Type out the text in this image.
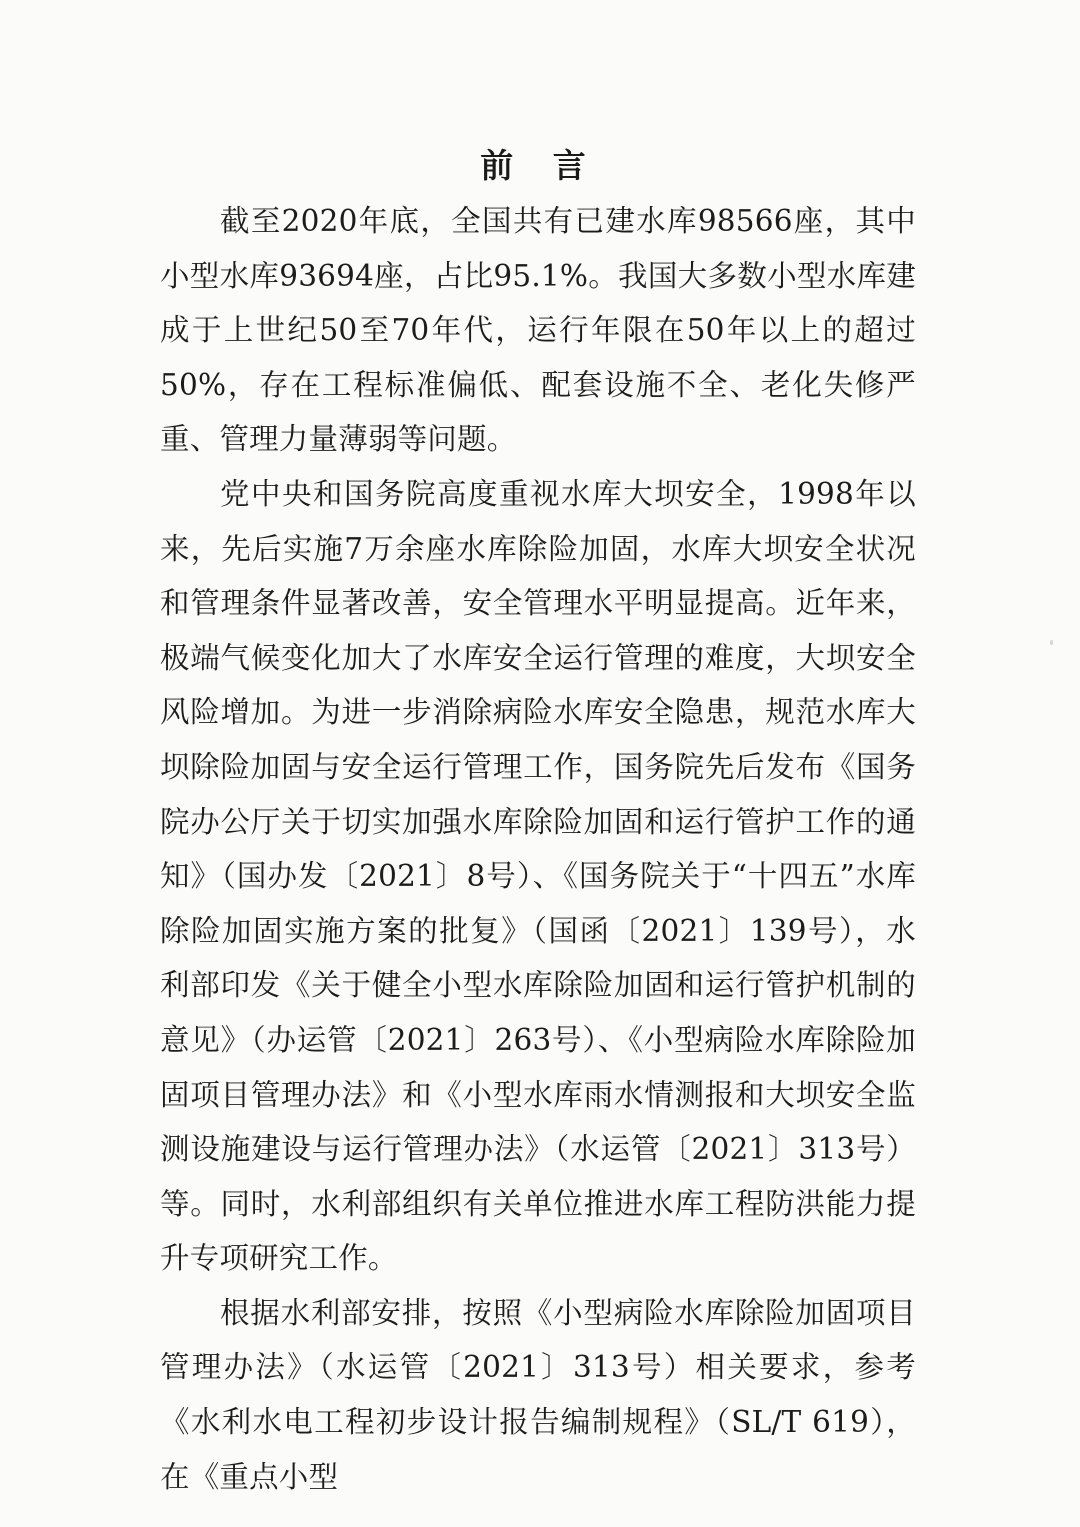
前 言

截至2020年底，全国共有已建水库98566座，其中小型水库93694座，占比95.1%。我国大多数小型水库建成于上世纪50至70年代，运行年限在50年以上的超过50%，存在工程标准偏低、配套设施不全、老化失修严重、管理力量薄弱等问题。

党中央和国务院高度重视水库大坝安全，1998年以来，先后实施7万余座水库除险加固，水库大坝安全状况和管理条件显著改善，安全管理水平明显提高。近年来，极端气候变化加大了水库安全运行管理的难度，大坝安全风险增加。为进一步消除病险水库安全隐患，规范水库大坝除险加固与安全运行管理工作，国务院先后发布《国务院办公厅关于切实加强水库除险加固和运行管护工作的通知》（国办发〔2021〕8号）、《国务院关于“十四五”水库除险加固实施方案的批复》（国函〔2021〕139号），水利部印发《关于健全小型水库除险加固和运行管护机制的意见》（办运管〔2021〕263号）、《小型病险水库除险加固项目管理办法》和《小型水库雨水情测报和大坝安全监测设施建设与运行管理办法》（水运管〔2021〕313号）等。同时，水利部组织有关单位推进水库工程防洪能力提升专项研究工作。

根据水利部安排，按照《小型病险水库除险加固项目管理办法》（水运管〔2021〕313号）相关要求，参考《水利水电工程初步设计报告编制规程》（SL/T 619），在《重点小型
